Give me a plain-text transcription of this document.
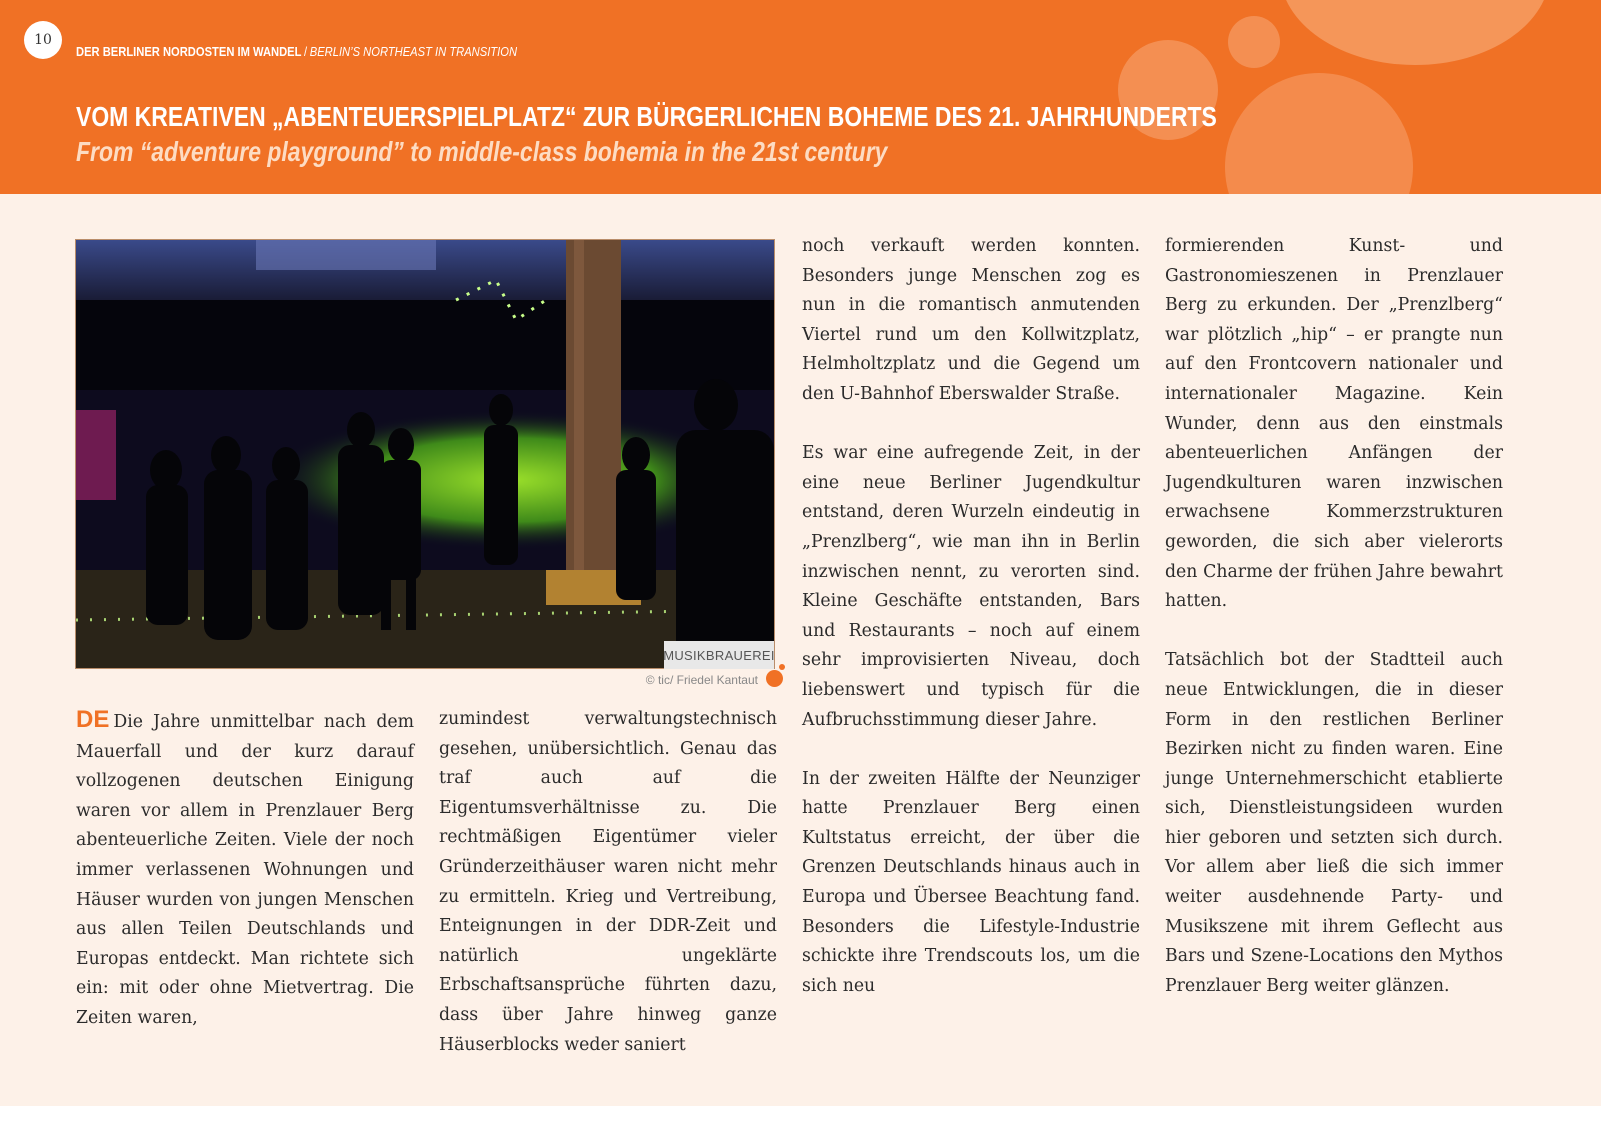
10
DER BERLINER NORDOSTEN IM WANDEL / BERLIN’S NORTHEAST IN TRANSITION
VOM KREATIVEN „ABENTEUERSPIELPLATZ“ ZUR BÜRGERLICHEN BOHEME DES 21. JAHRHUNDERTS
From “adventure playground” to middle-class bohemia in the 21st century
MUSIKBRAUEREI
© tic/ Friedel Kantaut

DE Die Jahre unmittelbar nach dem Mauerfall und der kurz darauf vollzogenen deutschen Einigung waren vor allem in Prenzlauer Berg abenteuerliche Zeiten. Viele der noch immer verlassenen Wohnungen und Häuser wurden von jungen Menschen aus allen Teilen Deutschlands und Europas entdeckt. Man richtete sich ein: mit oder ohne Mietvertrag. Die Zeiten waren,

zumindest verwaltungstechnisch gesehen, unübersichtlich. Genau das traf auch auf die Eigentumsverhältnisse zu. Die rechtmäßigen Eigentümer vieler Gründerzeithäuser waren nicht mehr zu ermitteln. Krieg und Vertreibung, Enteignungen in der DDR-Zeit und natürlich ungeklärte Erbschaftsansprüche führten dazu, dass über Jahre hinweg ganze Häuserblocks weder saniert

noch verkauft werden konnten. Besonders junge Menschen zog es nun in die romantisch anmutenden Viertel rund um den Kollwitzplatz, Helmholtzplatz und die Gegend um den U-Bahnhof Eberswalder Straße.

Es war eine aufregende Zeit, in der eine neue Berliner Jugendkultur entstand, deren Wurzeln eindeutig in „Prenzlberg“, wie man ihn in Berlin inzwischen nennt, zu verorten sind. Kleine Geschäfte entstanden, Bars und Restaurants – noch auf einem sehr improvisierten Niveau, doch liebenswert und typisch für die Aufbruchsstimmung dieser Jahre.

In der zweiten Hälfte der Neunziger hatte Prenzlauer Berg einen Kultstatus erreicht, der über die Grenzen Deutschlands hinaus auch in Europa und Übersee Beachtung fand. Besonders die Lifestyle-Industrie schickte ihre Trendscouts los, um die sich neu

formierenden Kunst- und Gastronomieszenen in Prenzlauer Berg zu erkunden. Der „Prenzlberg“ war plötzlich „hip“ – er prangte nun auf den Frontcovern nationaler und internationaler Magazine. Kein Wunder, denn aus den einstmals abenteuerlichen Anfängen der Jugendkulturen waren inzwischen erwachsene Kommerzstrukturen geworden, die sich aber vielerorts den Charme der frühen Jahre bewahrt hatten.

Tatsächlich bot der Stadtteil auch neue Entwicklungen, die in dieser Form in den restlichen Berliner Bezirken nicht zu finden waren. Eine junge Unternehmerschicht etablierte sich, Dienstleistungsideen wurden hier geboren und setzten sich durch. Vor allem aber ließ die sich immer weiter ausdehnende Party- und Musikszene mit ihrem Geflecht aus Bars und Szene-Locations den Mythos Prenzlauer Berg weiter glänzen.
